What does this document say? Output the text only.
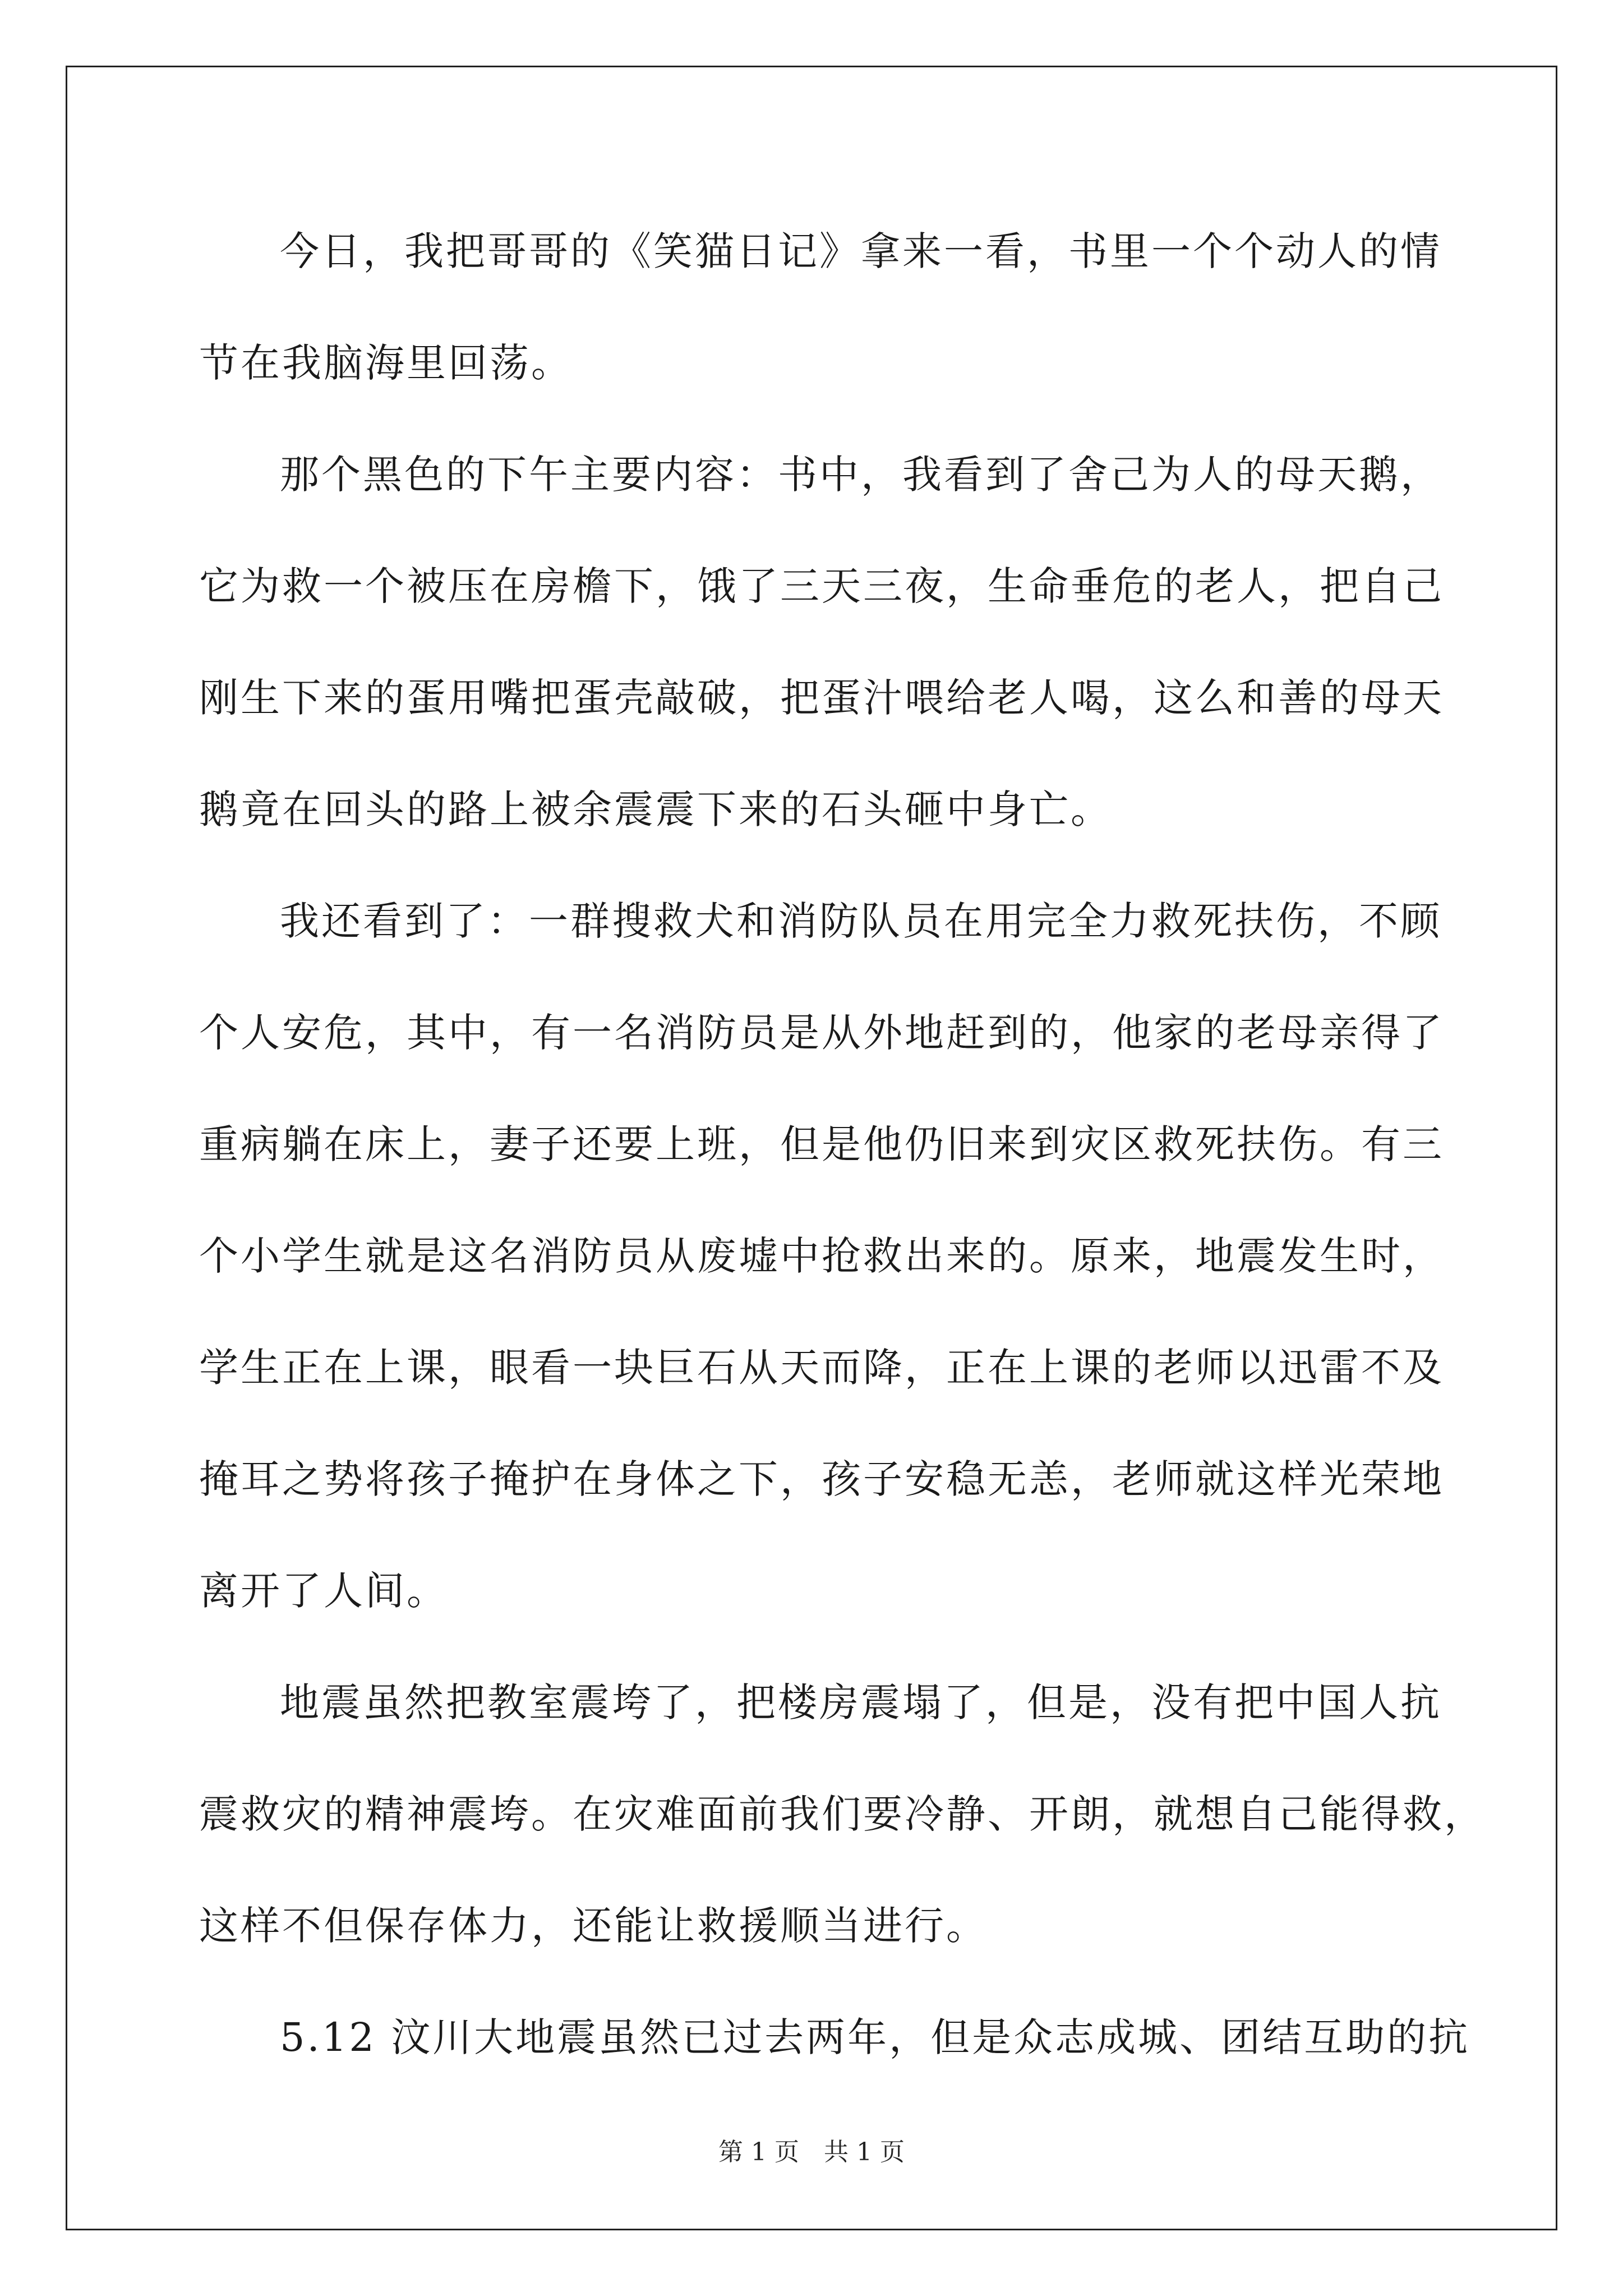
今日，我把哥哥的《笑猫日记》拿来一看，书里一个个动人的情
节在我脑海里回荡。
那个黑色的下午主要内容：书中，我看到了舍己为人的母天鹅，
它为救一个被压在房檐下，饿了三天三夜，生命垂危的老人，把自己
刚生下来的蛋用嘴把蛋壳敲破，把蛋汁喂给老人喝，这么和善的母天
鹅竟在回头的路上被余震震下来的石头砸中身亡。
我还看到了：一群搜救犬和消防队员在用完全力救死扶伤，不顾
个人安危，其中，有一名消防员是从外地赶到的，他家的老母亲得了
重病躺在床上，妻子还要上班，但是他仍旧来到灾区救死扶伤。有三
个小学生就是这名消防员从废墟中抢救出来的。原来，地震发生时，
学生正在上课，眼看一块巨石从天而降，正在上课的老师以迅雷不及
掩耳之势将孩子掩护在身体之下，孩子安稳无恙，老师就这样光荣地
离开了人间。
地震虽然把教室震垮了，把楼房震塌了，但是，没有把中国人抗
震救灾的精神震垮。在灾难面前我们要冷静、开朗，就想自己能得救，
这样不但保存体力，还能让救援顺当进行。
5.12 汶川大地震虽然已过去两年，但是众志成城、团结互助的抗
第 1 页　共 1 页
